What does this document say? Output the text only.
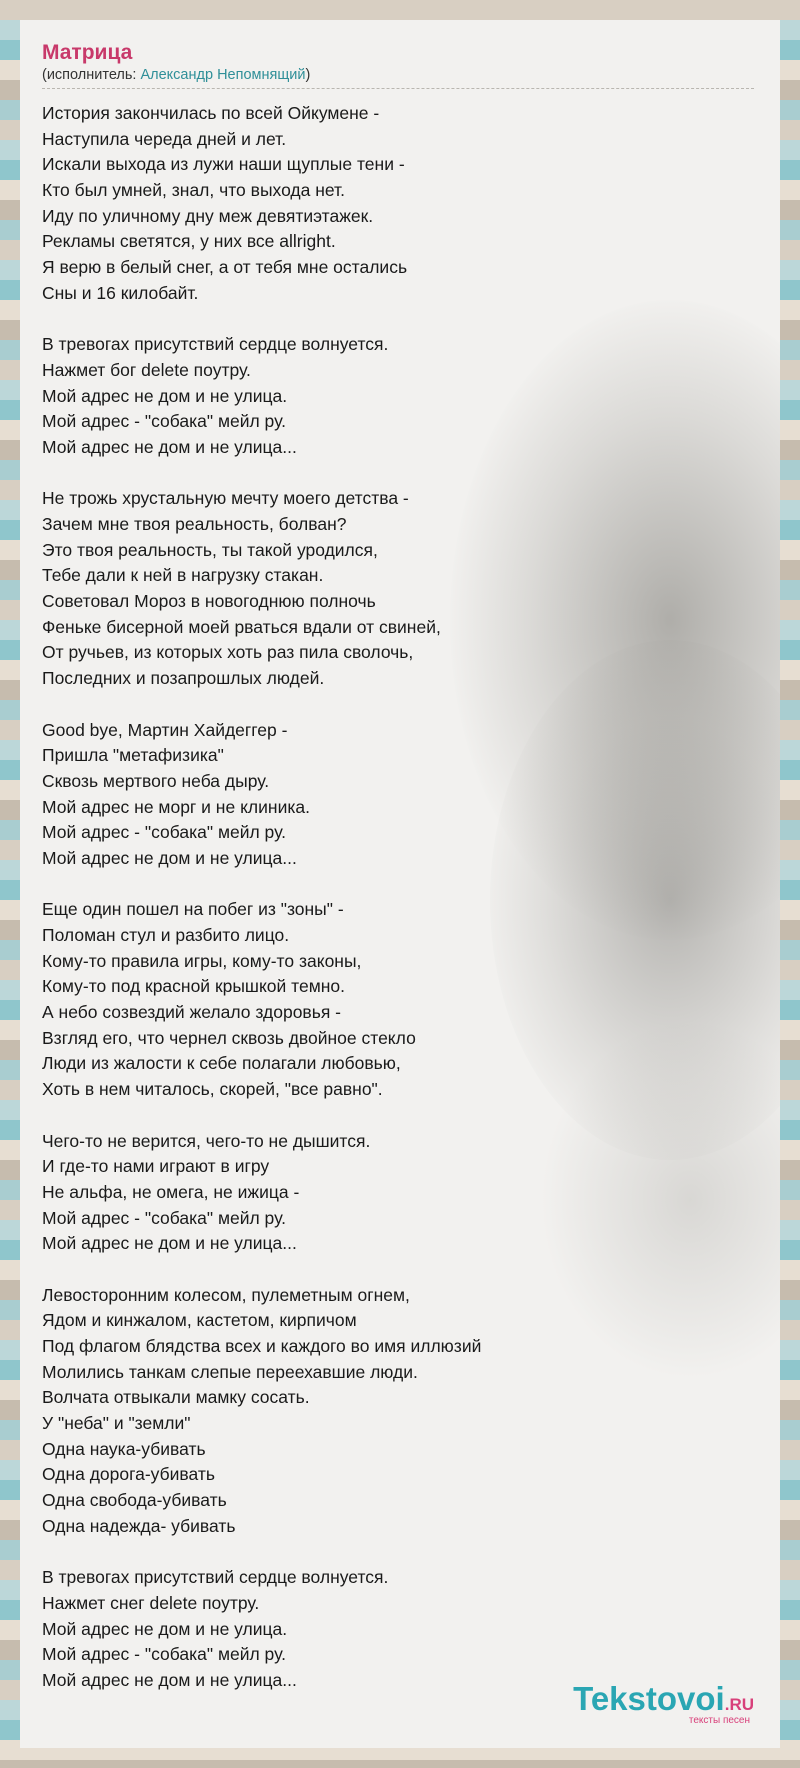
Матрица
(исполнитель: Александр Непомнящий)
История закончилась по всей Ойкумене -
Наступила череда дней и лет.
Искали выхода из лужи наши щуплые тени -
Кто был умней, знал, что выхода нет.
Иду по уличному дну меж девятиэтажек.
Рекламы светятся, у них все allright.
Я верю в белый снег, а от тебя мне остались
Сны и 16 килобайт.
В тревогах присутствий сердце волнуется.
Нажмет бог delete поутру.
Мой адрес не дом и не улица.
Мой адрес - "собака" мейл ру.
Мой адрес не дом и не улица...
Не трожь хрустальную мечту моего детства -
Зачем мне твоя реальность, болван?
Это твоя реальность, ты такой уродился,
Тебе дали к ней в нагрузку стакан.
Советовал Мороз в новогоднюю полночь
Феньке бисерной моей рваться вдали от свиней,
От ручьев, из которых хоть раз пила сволочь,
Последних и позапрошлых людей.
Good bye, Мартин Хайдеггер -
Пришла "метафизика"
Сквозь мертвого неба дыру.
Мой адрес не морг и не клиника.
Мой адрес - "собака" мейл ру.
Мой адрес не дом и не улица...
Еще один пошел на побег из "зоны" -
Поломан стул и разбито лицо.
Кому-то правила игры, кому-то законы,
Кому-то под красной крышкой темно.
А небо созвездий желало здоровья -
Взгляд его, что чернел сквозь двойное стекло
Люди из жалости к себе полагали любовью,
Хоть в нем читалось, скорей, "все равно".
Чего-то не верится, чего-то не дышится.
И где-то нами играют в игру
Не альфа, не омега, не ижица -
Мой адрес - "собака" мейл ру.
Мой адрес не дом и не улица...
Левосторонним колесом, пулеметным огнем,
Ядом и кинжалом, кастетом, кирпичом
Под флагом блядства всех и каждого во имя иллюзий
Молились танкам слепые переехавшие люди.
Волчата отвыкали мамку сосать.
У "неба" и "земли"
Одна наука-убивать
Одна дорога-убивать
Одна свобода-убивать
Одна надежда- убивать
В тревогах присутствий сердце волнуется.
Нажмет снег delete поутру.
Мой адрес не дом и не улица.
Мой адрес - "собака" мейл ру.
Мой адрес не дом и не улица...
Tekstovoi.RU
тексты песен
